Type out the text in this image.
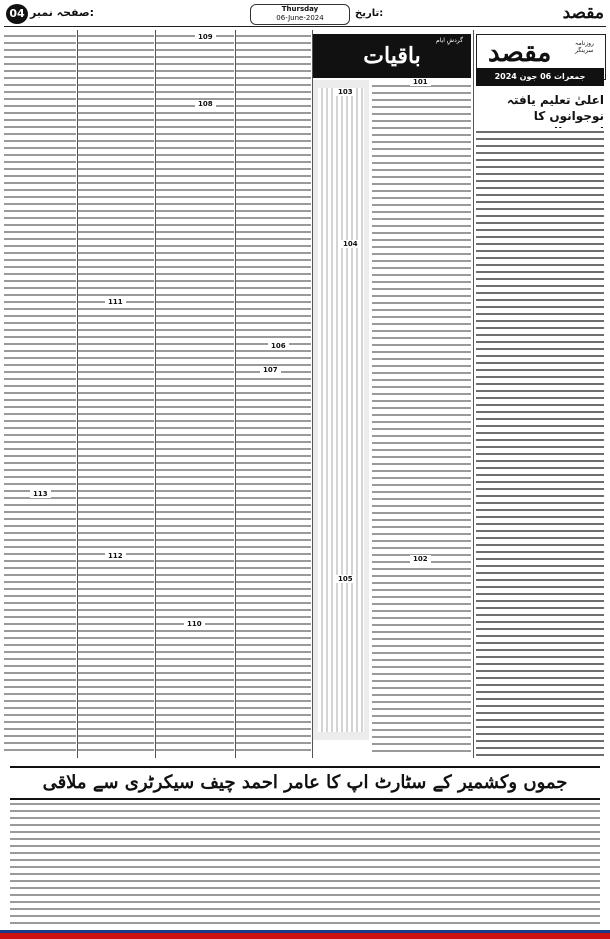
04 صفحہ نمبر:	Thursday
06-June-2024	تاریخ:	مقصد
مقصد	روزنامہ سرینگر
جمعرات 06 جون 2024
اعلیٰ تعلیم یافتہ نوجوانوں کا
باقیات
گردشِ ایام
101
102
103
104
105
106
107
108
109
110
111
112
113
جموں وکشمیر کے سٹارٹ اپ کا عامر احمد چیف سیکرٹری سے ملاقی
